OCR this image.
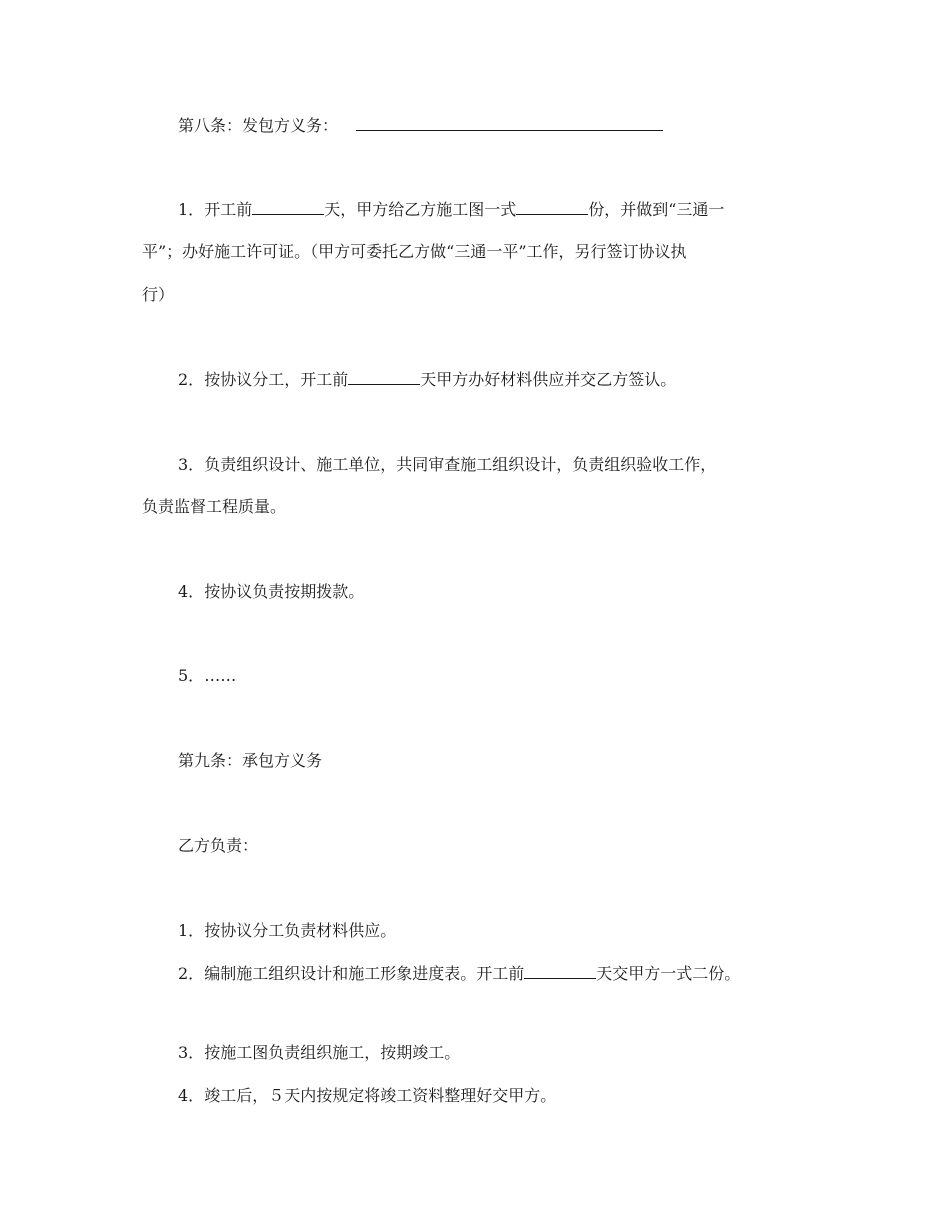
第八条：发包方义务：
1．开工前	天，甲方给乙方施工图一式	份，并做到“三通一
平”；办好施工许可证。（甲方可委托乙方做“三通一平”工作，另行签订协议执
行）
2．按协议分工，开工前	天甲方办好材料供应并交乙方签认。
3．负责组织设计、施工单位，共同审查施工组织设计，负责组织验收工作，
负责监督工程质量。
4．按协议负责按期拨款。
5．……
第九条：承包方义务
乙方负责：
1．按协议分工负责材料供应。
2．编制施工组织设计和施工形象进度表。开工前	天交甲方一式二份。
3．按施工图负责组织施工，按期竣工。
4．竣工后，５天内按规定将竣工资料整理好交甲方。
